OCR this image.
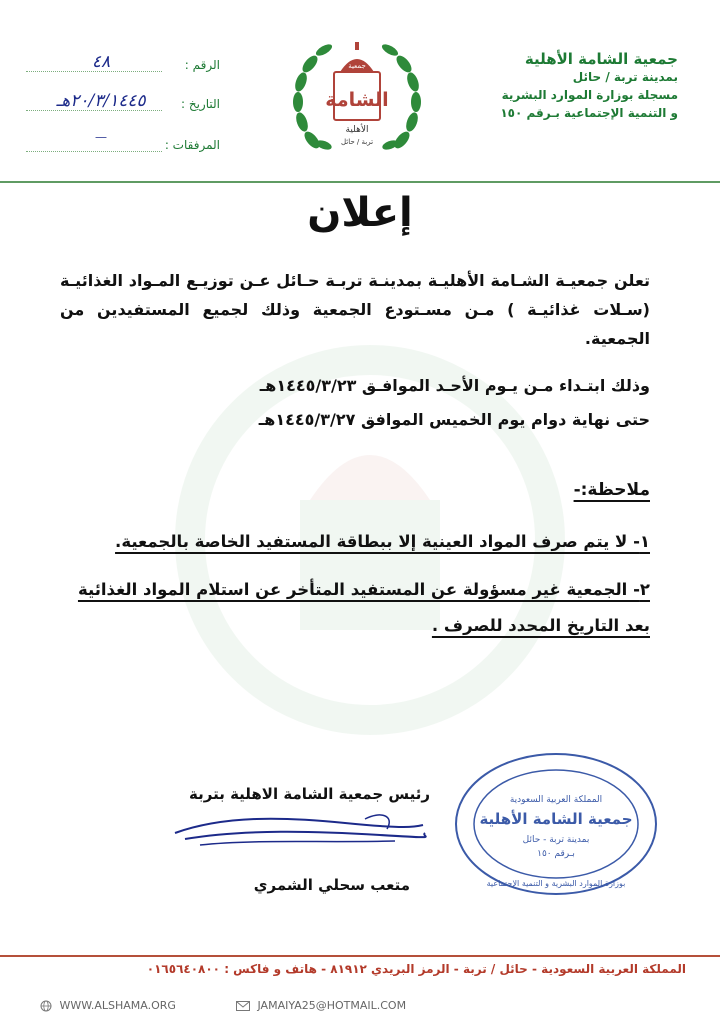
جمعية الشامة الأهلية
بمدينة تربة / حائل
مسجلة بوزارة الموارد البشرية
و التنمية الإجتماعية بـرقم ١٥٠
جمعية
الشامة
الأهلية
تربة / حائل
الرقم :
٤٨
التاريخ :
٢٠/٣/١٤٤٥هـ
المرفقات :
—
إعلان
تعلن جمعيـة الشـامة الأهليـة بمدينـة تربـة حـائل عـن توزيـع المـواد الغذائيـة (سـلات غذائيـة ) مـن مسـتودع الجمعية وذلك لجميع المستفيدين من الجمعية.
وذلك ابتـداء مـن يـوم الأحـد الموافـق ١٤٤٥/٣/٢٣هـ
حتى نهاية دوام يوم الخميس الموافق ١٤٤٥/٣/٢٧هـ
ملاحظة:-
١- لا يتم صرف المواد العينية إلا ببطاقة المستفيد الخاصة بالجمعية.
٢- الجمعية غير مسؤولة عن المستفيد المتأخر عن استلام المواد الغذائية بعد التاريخ المحدد للصرف .
رئيس جمعية الشامة الاهلية بتربة
متعب سحلي الشمري
المملكة العربية السعودية
جمعية الشامة الأهلية
بمدينة تربة - حائل
بـرقم ١٥٠
بوزارة الموارد البشرية و التنمية الإجتماعية
المملكة العربية السعودية - حائل / تربة - الرمز البريدي ٨١٩١٢ - هاتف و فاكس : ٠١٦٥٦٤٠٨٠٠
WWW.ALSHAMA.ORG	JAMAIYA25@HOTMAIL.COM
